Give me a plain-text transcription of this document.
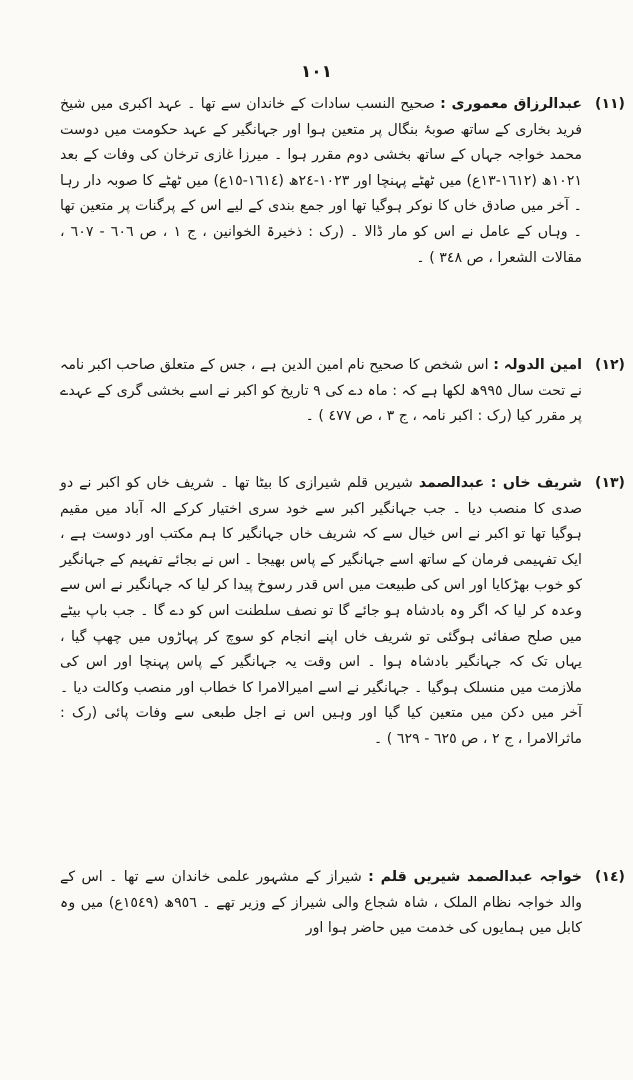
١٠١
(١١)

عبدالرزاق معموری : صحیح النسب سادات کے خاندان سے تھا ۔ عہد اکبری میں شیخ فرید بخاری کے ساتھ صوبۂ بنگال پر متعین ہوا اور جہانگیر کے عہد حکومت میں دوست محمد خواجہ جہاں کے ساتھ بخشی دوم مقرر ہوا ۔ میرزا غازی ترخان کی وفات کے بعد ١٠٢١ھ (١٦١٢-١٣ع) میں ٹھٹے پہنچا اور ١٠٢٣-٢٤ھ (١٦١٤-١٥ع) میں ٹھٹے کا صوبہ دار رہا ۔ آخر میں صادق خاں کا نوکر ہوگیا تھا اور جمع بندی کے لیے اس کے پرگنات پر متعین تھا ۔ وہاں کے عامل نے اس کو مار ڈالا ۔ (رک : ذخیرۃ الخوانین ، ج ١ ، ص ٦٠٦ - ٦٠٧ ، مقالات الشعرا ، ص ٣٤٨ ) ۔

(١٢)

امین الدولہ : اس شخص کا صحیح نام امین الدین ہے ، جس کے متعلق صاحب اکبر نامہ نے تحت سال ٩٩٥ھ لکھا ہے کہ : ماہ دے کی ۹ تاریخ کو اکبر نے اسے بخشی گری کے عہدے پر مقرر کیا (رک : اکبر نامہ ، ج ٣ ، ص ٤٧٧ ) ۔

(١٣)

شریف خاں : عبدالصمد شیریں قلم شیرازی کا بیٹا تھا ۔ شریف خاں کو اکبر نے دو صدی کا منصب دیا ۔ جب جہانگیر اکبر سے خود سری اختیار کرکے الہ آباد میں مقیم ہوگیا تھا تو اکبر نے اس خیال سے کہ شریف خاں جہانگیر کا ہم مکتب اور دوست ہے ، ایک تفہیمی فرمان کے ساتھ اسے جہانگیر کے پاس بھیجا ۔ اس نے بجائے تفہیم کے جہانگیر کو خوب بھڑکایا اور اس کی طبیعت میں اس قدر رسوخ پیدا کر لیا کہ جہانگیر نے اس سے وعدہ کر لیا کہ اگر وہ بادشاہ ہو جائے گا تو نصف سلطنت اس کو دے گا ۔ جب باپ بیٹے میں صلح صفائی ہوگئی تو شریف خاں اپنے انجام کو سوچ کر پہاڑوں میں چھپ گیا ، یہاں تک کہ جہانگیر بادشاہ ہوا ۔ اس وقت یہ جہانگیر کے پاس پہنچا اور اس کی ملازمت میں منسلک ہوگیا ۔ جہانگیر نے اسے امیرالامرا کا خطاب اور منصب وکالت دیا ۔ آخر میں دکن میں متعین کیا گیا اور وہیں اس نے اجل طبعی سے وفات پائی (رک : ماثرالامرا ، ج ٢ ، ص ٦٢٥ - ٦٢٩ ) ۔

(١٤)

خواجہ عبدالصمد شیریں قلم : شیراز کے مشہور علمی خاندان سے تھا ۔ اس کے والد خواجہ نظام الملک ، شاہ شجاع والی شیراز کے وزیر تھے ۔ ٩٥٦ھ (١٥٤٩ع) میں وہ کابل میں ہمایوں کی خدمت میں حاضر ہوا اور
